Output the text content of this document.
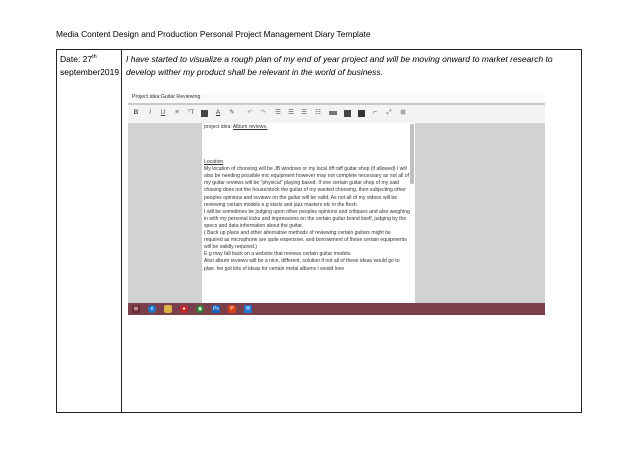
Media Content Design and Production Personal Project Management Diary Template
Date: 27th
september2019
I have started to visualize a rough plan of my end of year project and will be moving onward to market research to develop wither my product shall be relevant in the world of business.
Project idea:Guitar Reviewing
B	I	U	≡	ᵀT	A ✎ ↶ ↷ ☰ ☰ ☰ ☷	⌐	⤢ ⊞
project idea: Album reviews.
Location
My location of choosing will be JB windows or my local riff raff guitar shop (if allowed) I will also be needing possible mic equipment however may not complete necessary as not all of my guitar reviews will be "physical" playing based. If one certain guitar shop of my said chasing does not the house/stock the guitar of my wanted choosing, then subjecting other peoples opinions and reviews on the guitar will be valid. As not all of my videos will be reviewing certain models e.g starts and jazz masters etc in the flesh.
I will be sometimes be judging upon other peoples opinions and critiques and also weighing in with my personal kicks and impressions on the certain guitar brand itself, judging by the specs and data information about the guitar.
( Back up plans and other alternative methods of reviewing certain guitars might be required as microphone are quite expensive, and borrowment of these certain equipments will be validly required.)
E.g may fall back on a website that reviews certain guitar models.
Also album reviews will be a nice, different, solution if not all of these ideas would go to plan. Ive got lots of ideas for certain metal albums i would love
⊞	e	●	◉	Ps	P	W
